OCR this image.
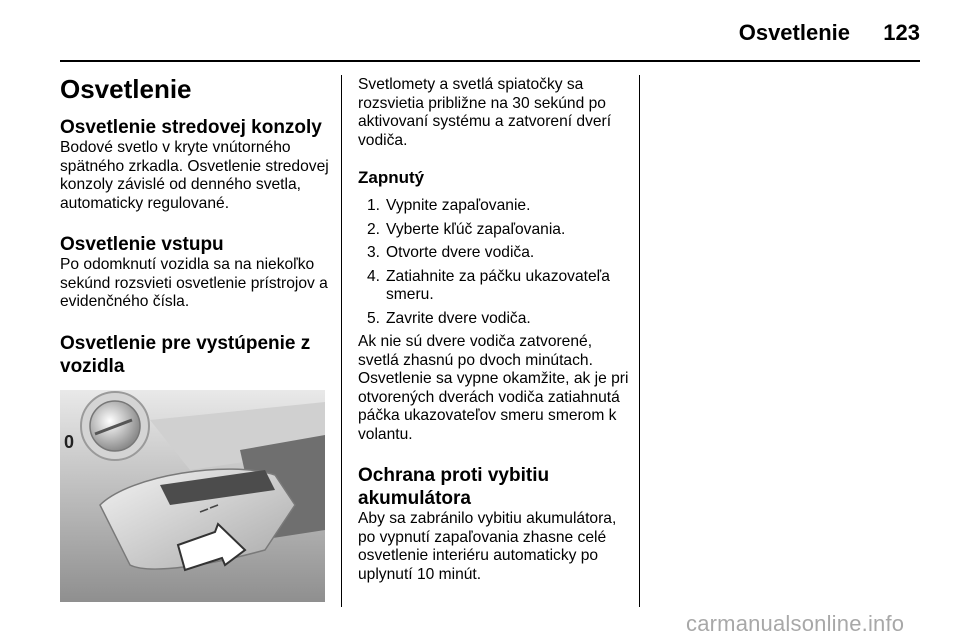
Osvetlenie	123
Osvetlenie
Osvetlenie stredovej konzoly

Bodové svetlo v kryte vnútorného spätného zrkadla. Osvetlenie stredovej konzoly závislé od denného svetla, automaticky regulované.

Osvetlenie vstupu

Po odomknutí vozidla sa na niekoľko sekúnd rozsvieti osvetlenie prístrojov a evidenčného čísla.

Osvetlenie pre vystúpenie z vozidla
0

Svetlomety a svetlá spiatočky sa rozsvietia približne na 30 sekúnd po aktivovaní systému a zatvorení dverí vodiča.

Zapnutý
1. Vypnite zapaľovanie.
2. Vyberte kľúč zapaľovania.
3. Otvorte dvere vodiča.
4. Zatiahnite za páčku ukazovateľa smeru.
5. Zavrite dvere vodiča.

Ak nie sú dvere vodiča zatvorené, svetlá zhasnú po dvoch minútach.

Osvetlenie sa vypne okamžite, ak je pri otvorených dverách vodiča zatiahnutá páčka ukazovateľov smeru smerom k volantu.

Ochrana proti vybitiu akumulátora

Aby sa zabránilo vybitiu akumulátora, po vypnutí zapaľovania zhasne celé osvetlenie interiéru automaticky po uplynutí 10 minút.

carmanualsonline.info
